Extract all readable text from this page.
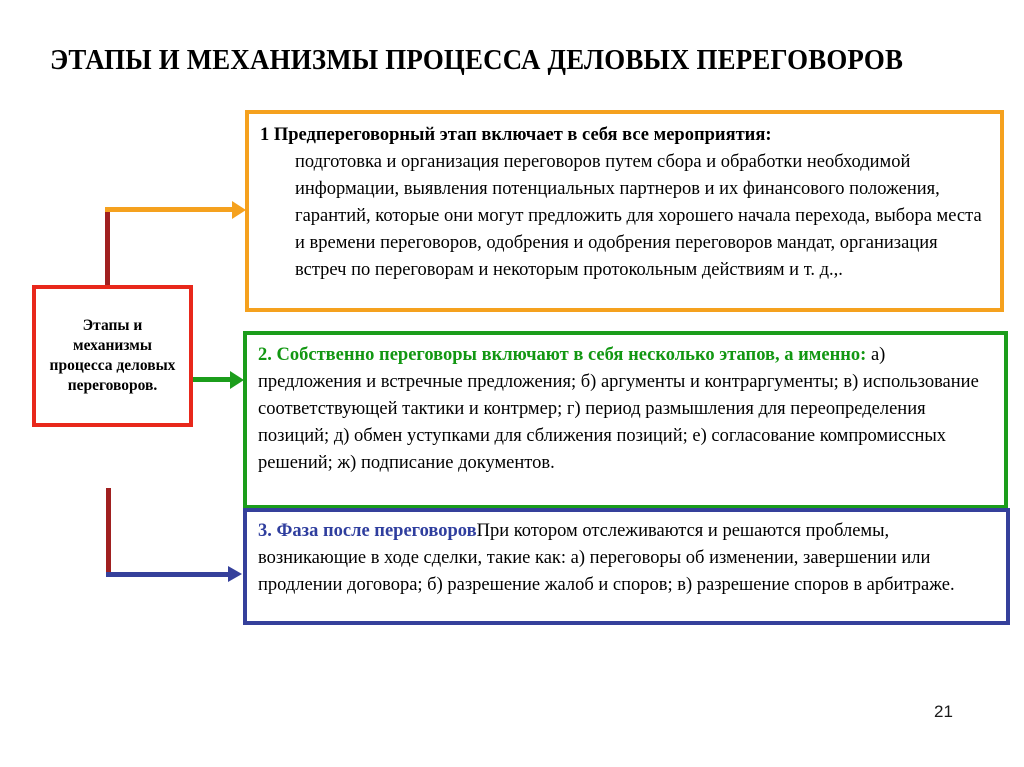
ЭТАПЫ И МЕХАНИЗМЫ ПРОЦЕССА ДЕЛОВЫХ ПЕРЕГОВОРОВ
Этапы и механизмы процесса деловых переговоров.
1 Предпереговорный этап включает в себя все мероприятия:
подготовка и организация переговоров путем сбора и обработки необходимой информации, выявления потенциальных партнеров и их финансового положения, гарантий, которые они могут предложить для хорошего начала перехода, выбора места и времени переговоров, одобрения и одобрения переговоров мандат, организация встреч по переговорам и некоторым протокольным действиям и т. д.,.
2. Собственно переговоры включают в себя несколько этапов, а именно: а) предложения и встречные предложения; б) аргументы и контраргументы; в) использование соответствующей тактики и контрмер; г) период размышления для переопределения позиций; д) обмен уступками для сближения позиций; е) согласование компромиссных решений; ж) подписание документов.
3. Фаза после переговоровПри котором отслеживаются и решаются проблемы, возникающие в ходе сделки, такие как: а) переговоры об изменении, завершении или продлении договора; б) разрешение жалоб и споров; в) разрешение споров в арбитраже.
21
